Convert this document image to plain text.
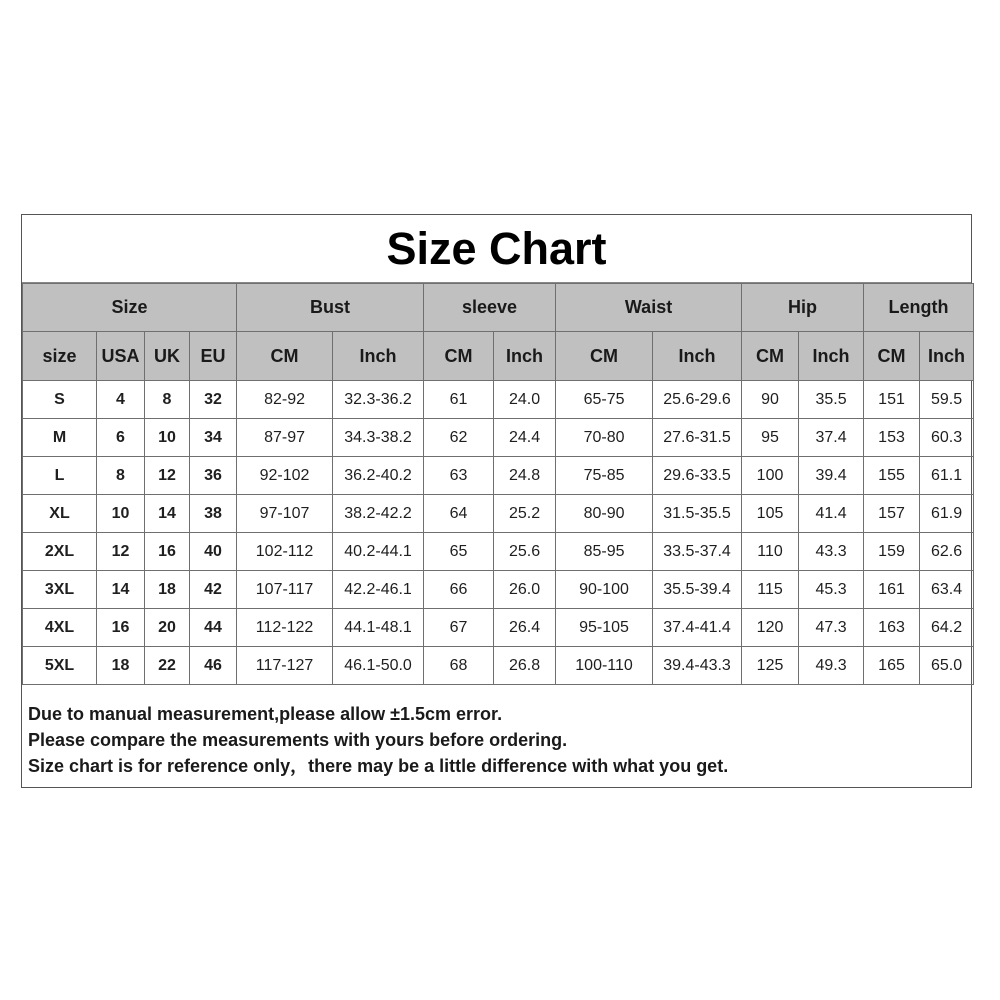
Size Chart
Size				Bust		sleeve		Waist		Hip		Length	
size	USA	UK	EU	CM	Inch	CM	Inch	CM	Inch	CM	Inch	CM	Inch
S	4	8	32	82-92	32.3-36.2	61	24.0	65-75	25.6-29.6	90	35.5	151	59.5
M	6	10	34	87-97	34.3-38.2	62	24.4	70-80	27.6-31.5	95	37.4	153	60.3
L	8	12	36	92-102	36.2-40.2	63	24.8	75-85	29.6-33.5	100	39.4	155	61.1
XL	10	14	38	97-107	38.2-42.2	64	25.2	80-90	31.5-35.5	105	41.4	157	61.9
2XL	12	16	40	102-112	40.2-44.1	65	25.6	85-95	33.5-37.4	110	43.3	159	62.6
3XL	14	18	42	107-117	42.2-46.1	66	26.0	90-100	35.5-39.4	115	45.3	161	63.4
4XL	16	20	44	112-122	44.1-48.1	67	26.4	95-105	37.4-41.4	120	47.3	163	64.2
5XL	18	22	46	117-127	46.1-50.0	68	26.8	100-110	39.4-43.3	125	49.3	165	65.0
Due to manual measurement,please allow ±1.5cm error.
Please compare the measurements with yours before ordering.
Size chart is for reference only，there may be a little difference with what you get.
